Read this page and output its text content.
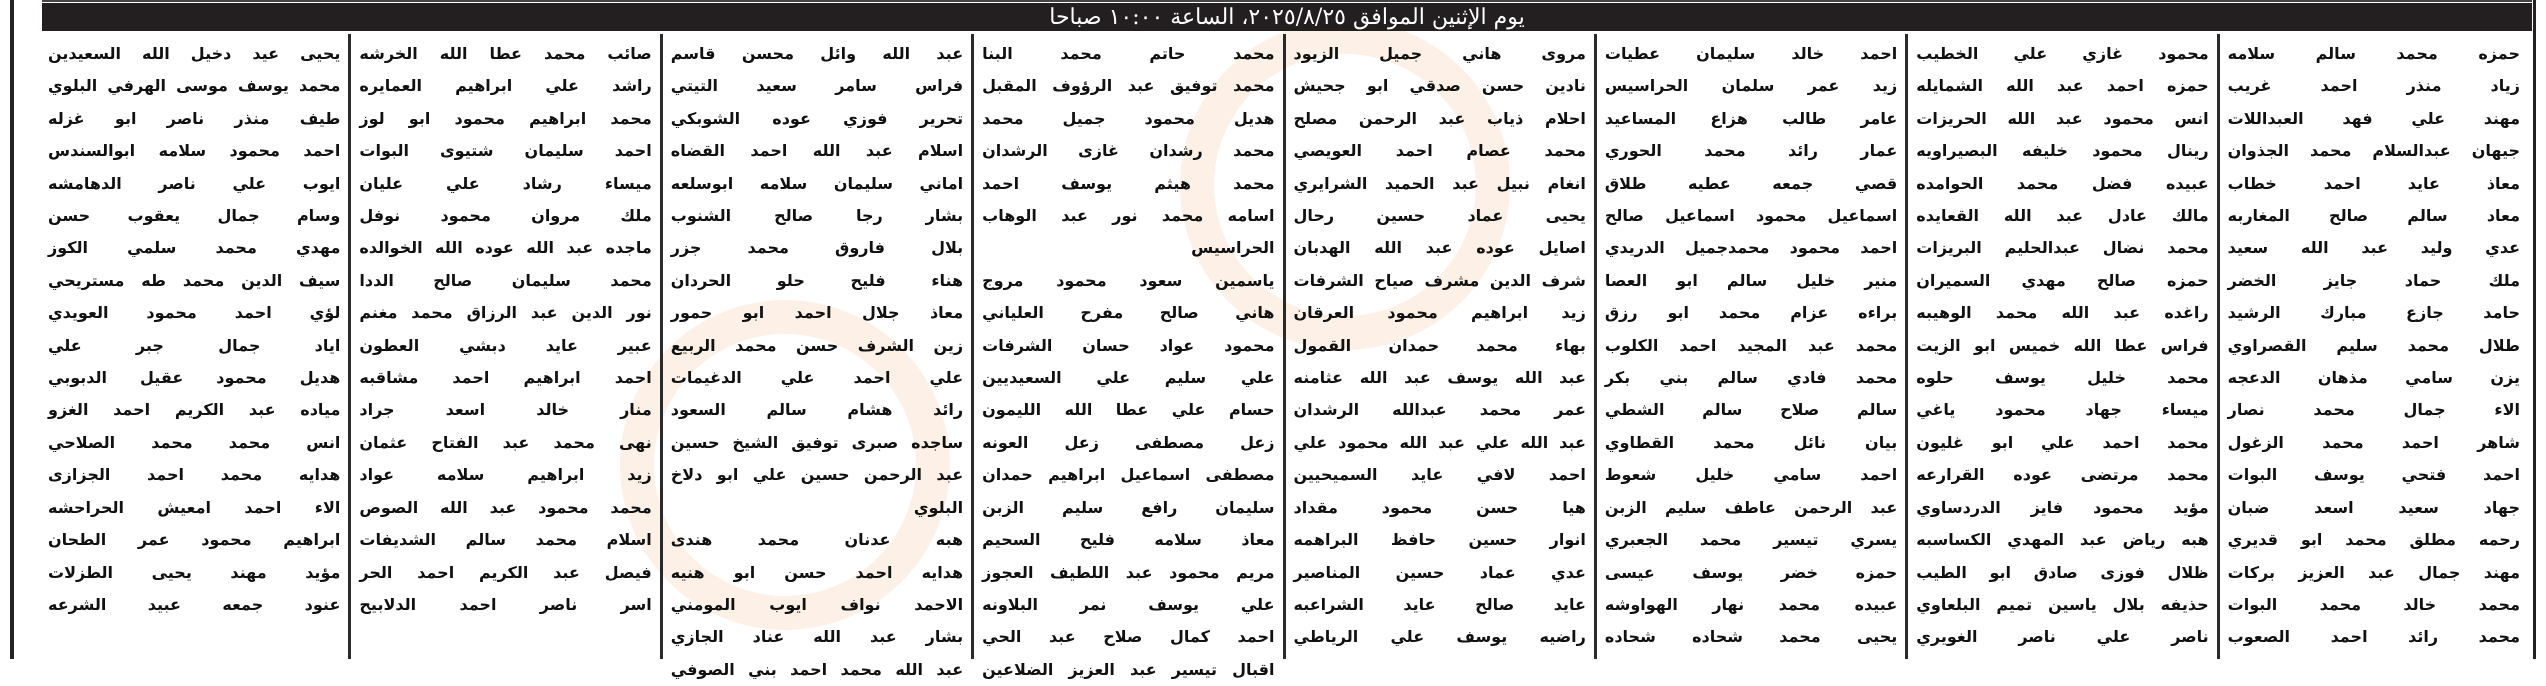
يوم الإثنين الموافق ٢٠٢٥/٨/٢٥، الساعة ١٠:٠٠ صباحا
حمزه محمد سالم سلامه
زياد منذر احمد غريب
مهند علي فهد العبداللات
جيهان عبدالسلام محمد الجذوان
معاذ عايد احمد خطاب
معاد سالم صالح المغاربه
عدي وليد عبد الله سعيد
ملك حماد جايز الخضر
حامد جازع مبارك الرشيد
طلال محمد سليم القصراوي
يزن سامي مذهان الدعجه
الاء جمال محمد نصار
شاهر احمد محمد الزغول
احمد فتحي يوسف البوات
جهاد سعيد اسعد ضبان
رحمه مطلق محمد ابو قديري
مهند جمال عبد العزيز بركات
محمد خالد محمد البوات
محمد رائد احمد الصعوب
محمود غازي علي الخطيب
حمزه احمد عبد الله الشمايله
انس محمود عبد الله الحريزات
رينال محمود خليفه البصيراويه
عبيده فضل محمد الحوامده
مالك عادل عبد الله القعايده
محمد نضال عبدالحليم البريزات
حمزه صالح مهدي السميران
راغده عبد الله محمد الوهيبه
فراس عطا الله خميس ابو الزيت
محمد خليل يوسف حلوه
ميساء جهاد محمود ياغي
محمد احمد علي ابو غليون
محمد مرتضى عوده القرارعه
مؤيد محمود فايز الدردساوي
هبه رياض عبد المهدي الكساسبه
ظلال فوزى صادق ابو الطيب
حذيفه بلال ياسين تميم البلعاوي
ناصر علي ناصر الغويري
احمد خالد سليمان عطيات
زيد عمر سلمان الحراسيس
عامر طالب هزاع المساعيد
عمار رائد محمد الحوري
قصي جمعه عطيه طلاق
اسماعيل محمود اسماعيل صالح
احمد محمود محمدجميل الدريدي
منير خليل سالم ابو العصا
براءه عزام محمد ابو رزق
محمد عبد المجيد احمد الكلوب
محمد فادي سالم بني بكر
سالم صلاح سالم الشطي
بيان نائل محمد القطاوي
احمد سامي خليل شعوط
عبد الرحمن عاطف سليم الزبن
يسري تيسير محمد الجعبري
حمزه خضر يوسف عيسى
عبيده محمد نهار الهواوشه
يحيى محمد شحاده شحاده
مروى هاني جميل الزيود
نادين حسن صدقي ابو جحيش
احلام ذياب عبد الرحمن مصلح
محمد عصام احمد العويصي
انغام نبيل عبد الحميد الشرايري
يحيى عماد حسين رحال
اصايل عوده عبد الله الهدبان
شرف الدين مشرف صياح الشرفات
زيد ابراهيم محمود العرقان
بهاء محمد حمدان القمول
عبد الله يوسف عبد الله عثامنه
عمر محمد عبدالله الرشدان
عبد الله علي عبد الله محمود علي
احمد لافي عايد السميحيين
هيا حسن محمود مقداد
انوار حسين حافظ البراهمه
عدي عماد حسين المناصير
عايد صالح عايد الشراعبه
راضيه يوسف علي الرياطي
محمد حاتم محمد البنا
محمد توفيق عبد الرؤوف المقبل
هديل محمود جميل محمد
محمد رشدان غازى الرشدان
محمد هيثم يوسف احمد
اسامه محمد نور عبد الوهاب الحراسيس
ياسمين سعود محمود مروج
هاني صالح مفرح العلياني
محمود عواد حسان الشرفات
علي سليم علي السعيديين
حسام علي عطا الله الليمون
زعل مصطفى زعل العونه
مصطفى اسماعيل ابراهيم حمدان
سليمان رافع سليم الزبن
معاذ سلامه فليح السحيم
مريم محمود عبد اللطيف العجوز
علي يوسف نمر البلاونه
احمد كمال صلاح عبد الحي
اقبال تيسير عبد العزيز الضلاعين
عبد الله وائل محسن قاسم
فراس سامر سعيد التيتي
تحرير فوزي عوده الشوبكي
اسلام عبد الله احمد القضاه
اماني سليمان سلامه ابوسلعه
بشار رجا صالح الشنوب
بلال فاروق محمد جزر
هناء فليح حلو الحردان
معاذ جلال احمد ابو حمور
زين الشرف حسن محمد الربيع
علي احمد علي الدغيمات
رائد هشام سالم السعود
ساجده صبرى توفيق الشيخ حسين
عبد الرحمن حسين علي ابو دلاخ البلوي
هبه عدنان محمد هندى
هدايه احمد حسن ابو هنيه
الاحمد نواف ايوب المومني
بشار عبد الله عناد الجازي
عبد الله محمد احمد بني الصوفي
صائب محمد عطا الله الخرشه
راشد علي ابراهيم العمايره
محمد ابراهيم محمود ابو لوز
احمد سليمان شتيوى البوات
ميساء رشاد علي عليان
ملك مروان محمود نوفل
ماجده عبد الله عوده الله الخوالده
محمد سليمان صالح الددا
نور الدين عبد الرزاق محمد مغنم
عبير عايد دبشي العطون
احمد ابراهيم احمد مشاقبه
منار خالد اسعد جراد
نهى محمد عبد الفتاح عثمان
زيد ابراهيم سلامه عواد
محمد محمود عبد الله الصوص
اسلام محمد سالم الشديفات
فيصل عبد الكريم احمد الحر
اسر ناصر احمد الدلابيح
يحيى عيد دخيل الله السعيدين
محمد يوسف موسى الهرفي البلوي
طيف منذر ناصر ابو غزله
احمد محمود سلامه ابوالسندس
ايوب علي ناصر الدهامشه
وسام جمال يعقوب حسن
مهدي محمد سلمي الكوز
سيف الدين محمد طه مستريحي
لؤي احمد محمود العويدي
اياد جمال جبر علي
هديل محمود عقيل الدبوبي
مياده عبد الكريم احمد الغزو
انس محمد محمد الصلاحي
هدايه محمد احمد الجزازى
الاء احمد امعيش الحراحشه
ابراهيم محمود عمر الطحان
مؤيد مهند يحيى الطزلات
عنود جمعه عبيد الشرعه
